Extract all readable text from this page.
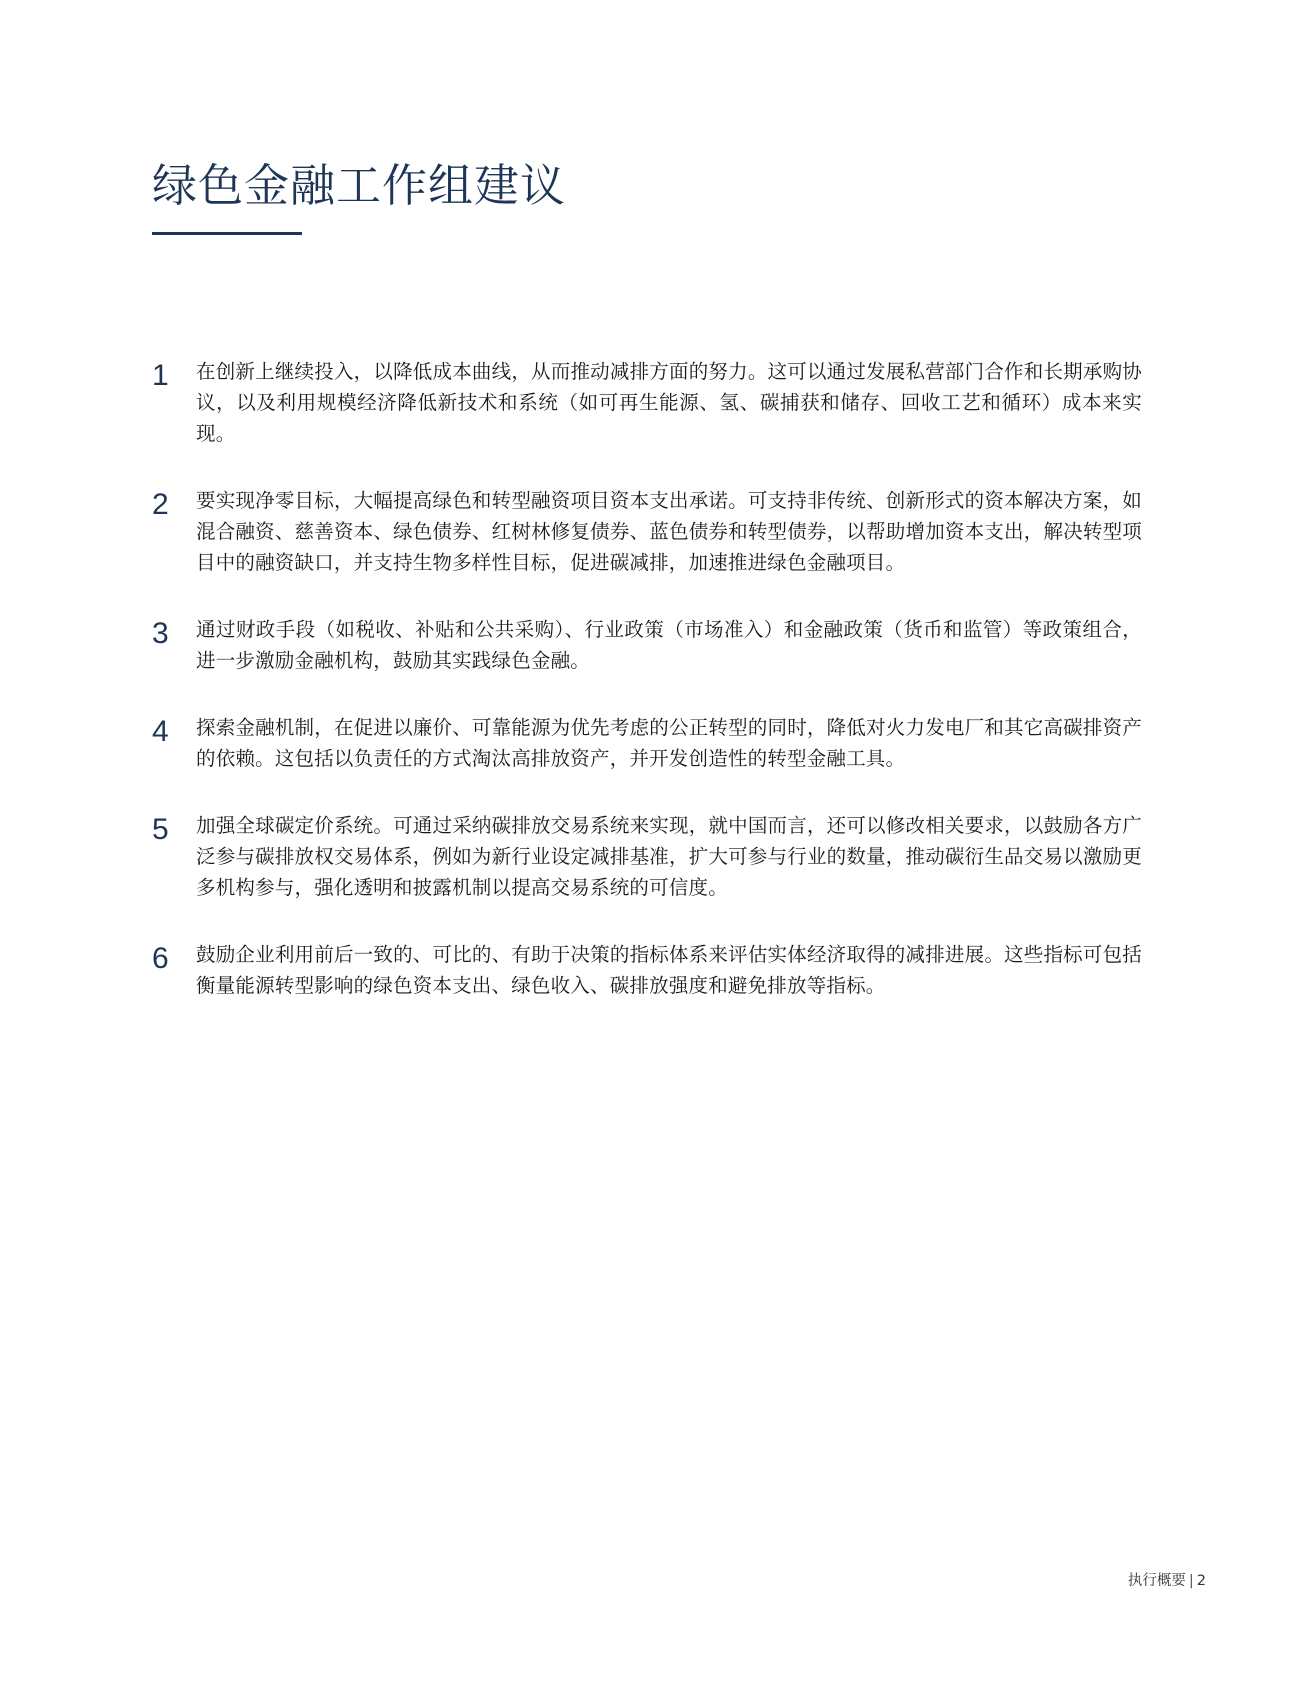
绿色金融工作组建议
1	在创新上继续投入，以降低成本曲线，从而推动减排方面的努力。这可以通过发展私营部门合作和长期承购协议，以及利用规模经济降低新技术和系统（如可再生能源、氢、碳捕获和储存、回收工艺和循环）成本来实现。

2	要实现净零目标，大幅提高绿色和转型融资项目资本支出承诺。可支持非传统、创新形式的资本解决方案，如混合融资、慈善资本、绿色债券、红树林修复债券、蓝色债券和转型债券，以帮助增加资本支出，解决转型项目中的融资缺口，并支持生物多样性目标，促进碳减排，加速推进绿色金融项目。

3	通过财政手段（如税收、补贴和公共采购）、行业政策（市场准入）和金融政策（货币和监管）等政策组合，进一步激励金融机构，鼓励其实践绿色金融。

4	探索金融机制，在促进以廉价、可靠能源为优先考虑的公正转型的同时，降低对火力发电厂和其它高碳排资产的依赖。这包括以负责任的方式淘汰高排放资产，并开发创造性的转型金融工具。

5	加强全球碳定价系统。可通过采纳碳排放交易系统来实现，就中国而言，还可以修改相关要求，以鼓励各方广泛参与碳排放权交易体系，例如为新行业设定减排基准，扩大可参与行业的数量，推动碳衍生品交易以激励更多机构参与，强化透明和披露机制以提高交易系统的可信度。

6	鼓励企业利用前后一致的、可比的、有助于决策的指标体系来评估实体经济取得的减排进展。这些指标可包括衡量能源转型影响的绿色资本支出、绿色收入、碳排放强度和避免排放等指标。

执行概要 | 2
